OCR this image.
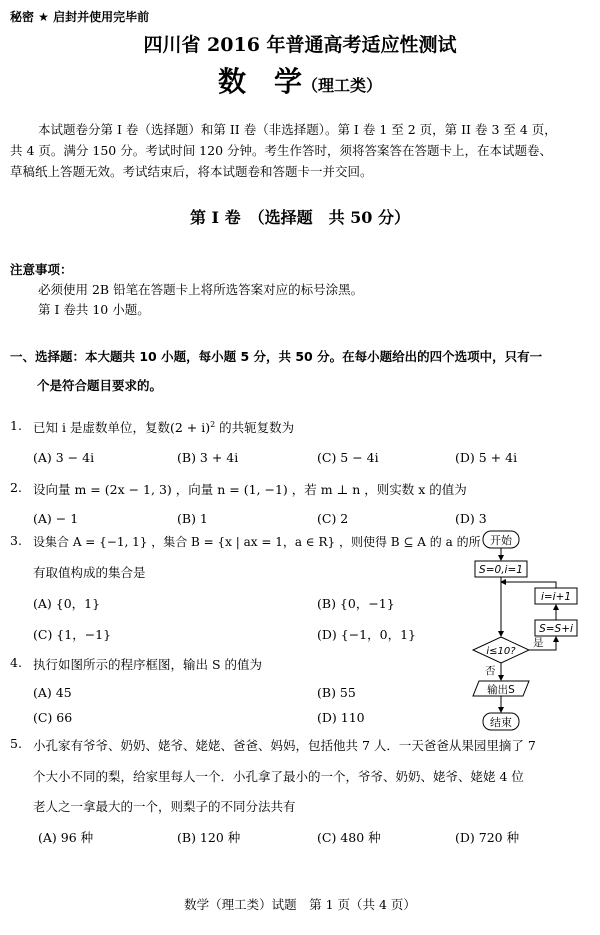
秘密 ★ 启封并使用完毕前
四川省 2016 年普通高考适应性测试
数　学（理工类）
本试题卷分第 I 卷（选择题）和第 II 卷（非选择题）。第 I 卷 1 至 2 页，第 II 卷 3 至 4 页，
共 4 页。满分 150 分。考试时间 120 分钟。考生作答时，须将答案答在答题卡上，在本试题卷、
草稿纸上答题无效。考试结束后，将本试题卷和答题卡一并交回。
第 I 卷　（选择题　共 50 分）
注意事项：
必须使用 2B 铅笔在答题卡上将所选答案对应的标号涂黑。
第 I 卷共 10 小题。
一、选择题：本大题共 10 小题，每小题 5 分，共 50 分。在每小题给出的四个选项中，只有一
个是符合题目要求的。
1. 已知 i 是虚数单位，复数$(2 + i)^2$ 的共轭复数为
(A) 3 − 4i	(B) 3 + 4i	(C) 5 − 4i	(D) 5 + 4i
2. 设向量 m = (2x − 1, 3) ，向量 n = (1, −1) ，若 m ⊥ n ，则实数 x 的值为
(A) − 1	(B) 1	(C) 2	(D) 3
3. 设集合 A = {−1, 1} ，集合 B = {x | ax = 1，a ∈ R} ，则使得 B ⊆ A 的 a 的所
有取值构成的集合是
(A) {0，1}	(B) {0，−1}
(C) {1，−1}	(D) {−1，0，1}
4. 执行如图所示的程序框图，输出 S 的值为
(A) 45	(B) 55
(C) 66	(D) 110
5. 小孔家有爷爷、奶奶、姥爷、姥姥、爸爸、妈妈，包括他共 7 人．一天爸爸从果园里摘了 7
个大小不同的梨，给家里每人一个．小孔拿了最小的一个，爷爷、奶奶、姥爷、姥姥 4 位
老人之一拿最大的一个，则梨子的不同分法共有
(A) 96 种	(B) 120 种	(C) 480 种	(D) 720 种
开始
S=0,i=1
i=i+1
S=S+i
是
i≤10?
否
输出S
结束
数学（理工类）试题　第 1 页（共 4 页）
